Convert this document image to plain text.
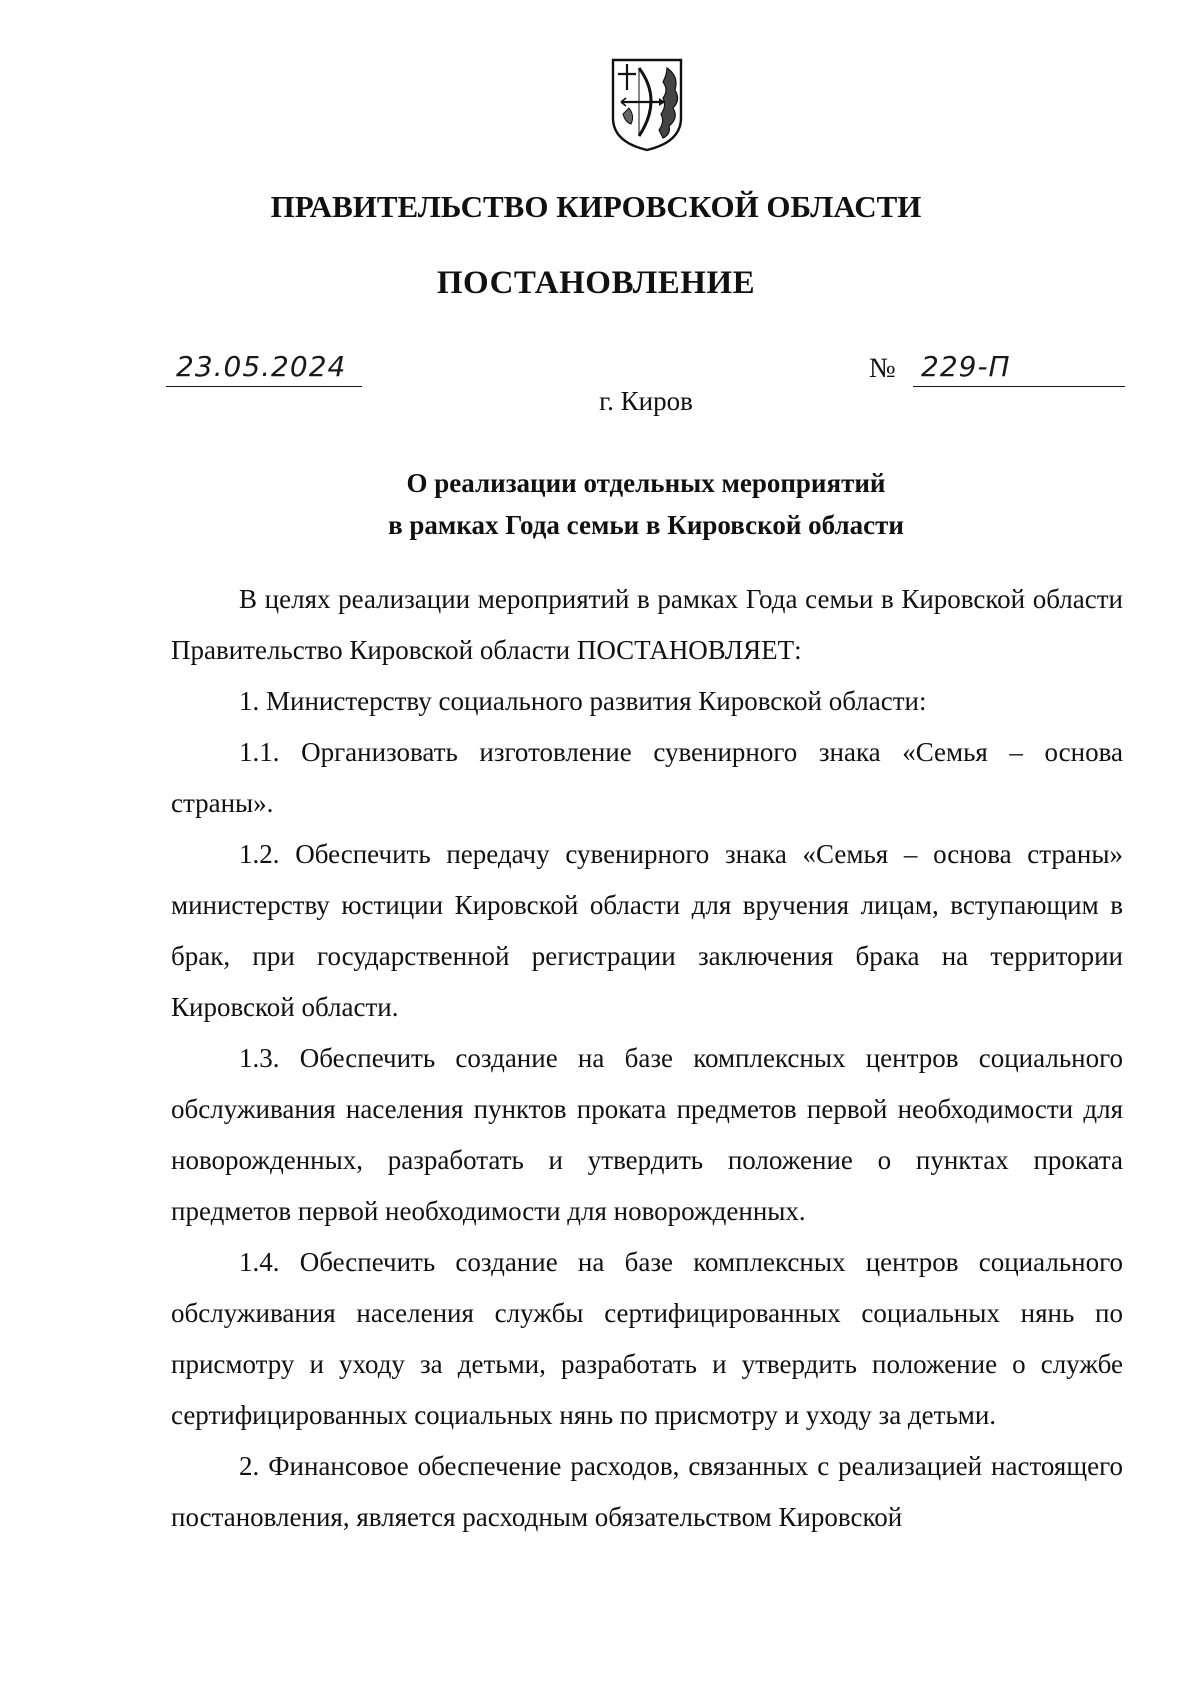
ПРАВИТЕЛЬСТВО КИРОВСКОЙ ОБЛАСТИ
ПОСТАНОВЛЕНИЕ
23.05.2024	№ 229-П
г. Киров
О реализации отдельных мероприятий
в рамках Года семьи в Кировской области

В целях реализации мероприятий в рамках Года семьи в Кировской области Правительство Кировской области ПОСТАНОВЛЯЕТ:

1. Министерству социального развития Кировской области:

1.1. Организовать изготовление сувенирного знака «Семья – основа страны».

1.2. Обеспечить передачу сувенирного знака «Семья – основа страны» министерству юстиции Кировской области для вручения лицам, вступающим в брак, при государственной регистрации заключения брака на территории Кировской области.

1.3. Обеспечить создание на базе комплексных центров социального обслуживания населения пунктов проката предметов первой необходимости для новорожденных, разработать и утвердить положение о пунктах проката предметов первой необходимости для новорожденных.

1.4. Обеспечить создание на базе комплексных центров социального обслуживания населения службы сертифицированных социальных нянь по присмотру и уходу за детьми, разработать и утвердить положение о службе сертифицированных социальных нянь по присмотру и уходу за детьми.

2. Финансовое обеспечение расходов, связанных с реализацией настоящего постановления, является расходным обязательством Кировской
